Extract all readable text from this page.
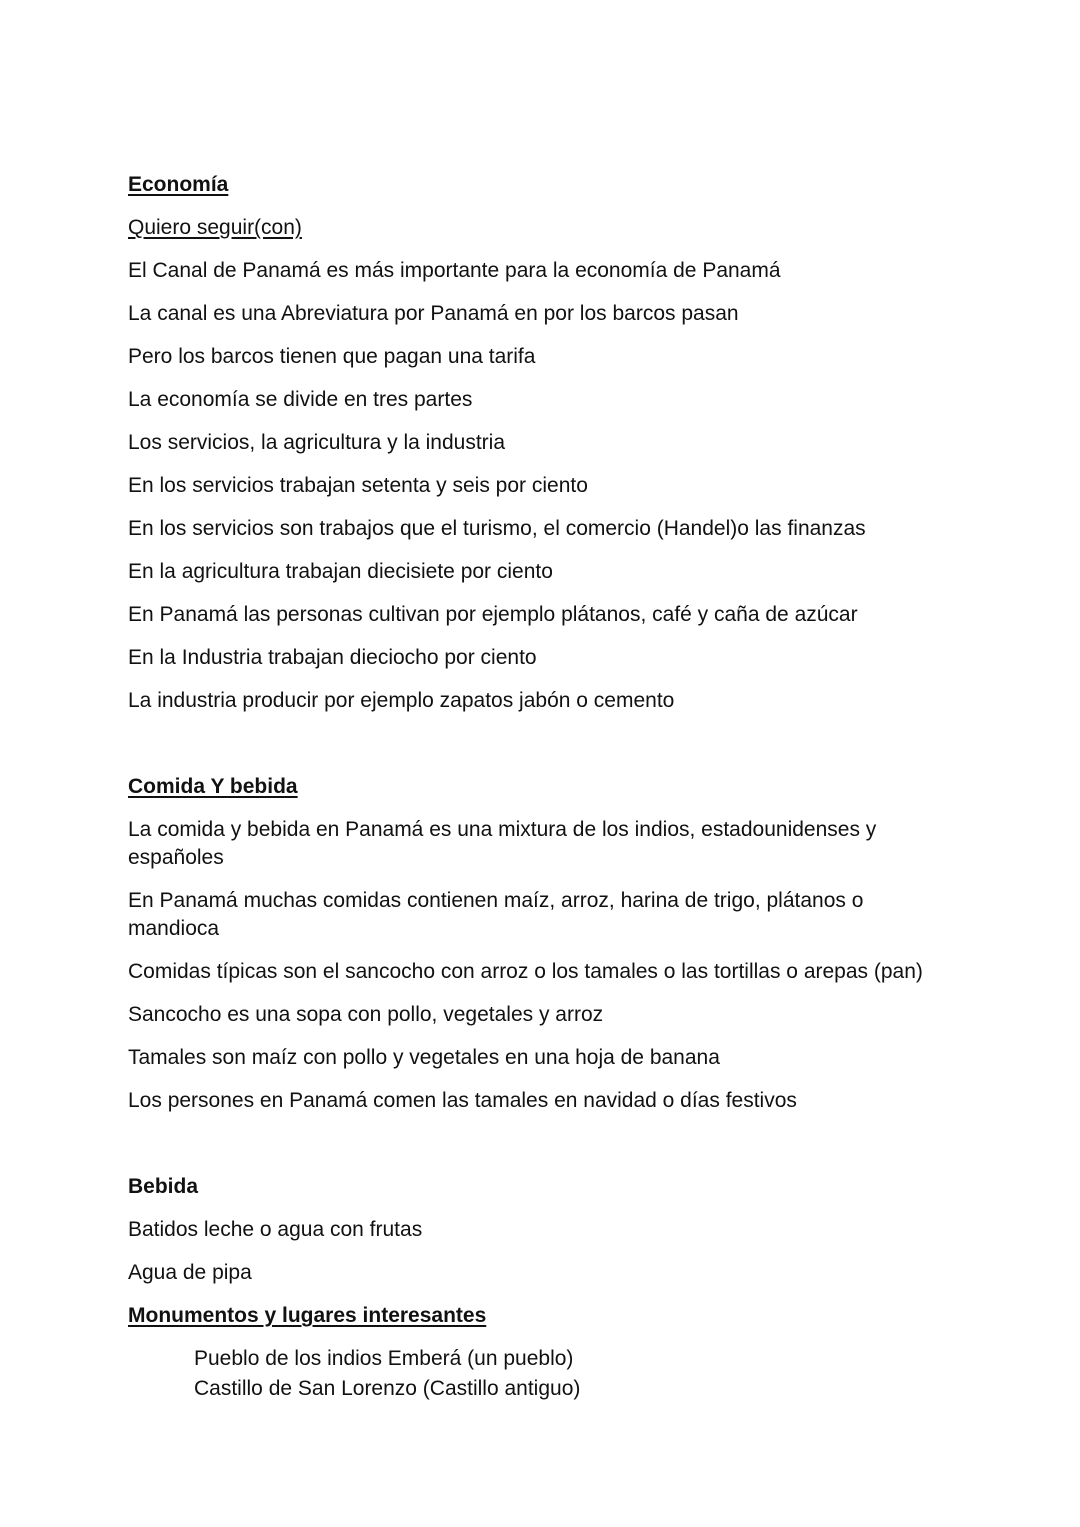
Economía
Quiero seguir(con)
El Canal de Panamá es más importante para la economía de Panamá
La canal es una Abreviatura por Panamá en por los barcos pasan
Pero los barcos tienen que pagan una tarifa
La economía se divide en tres partes
Los servicios, la agricultura y la industria
En los servicios trabajan setenta y seis por ciento
En los servicios son trabajos que el turismo, el comercio (Handel)o las finanzas
En la agricultura trabajan diecisiete por ciento
En Panamá las personas cultivan por ejemplo plátanos, café y caña de azúcar
En la Industria trabajan dieciocho por ciento
La industria producir por ejemplo zapatos jabón o cemento
Comida Y bebida
La comida y bebida en Panamá es una mixtura de los indios, estadounidenses y españoles
En Panamá muchas comidas contienen maíz, arroz, harina de trigo, plátanos o mandioca
Comidas típicas son el sancocho con arroz o los tamales o las tortillas o arepas (pan)
Sancocho es una sopa con pollo, vegetales y arroz
Tamales son maíz con pollo y vegetales en una hoja de banana
Los persones en Panamá comen las tamales en navidad o días festivos
Bebida
Batidos leche o agua con frutas
Agua de pipa
Monumentos y lugares interesantes
Pueblo de los indios Emberá (un pueblo)
Castillo de San Lorenzo (Castillo antiguo)
